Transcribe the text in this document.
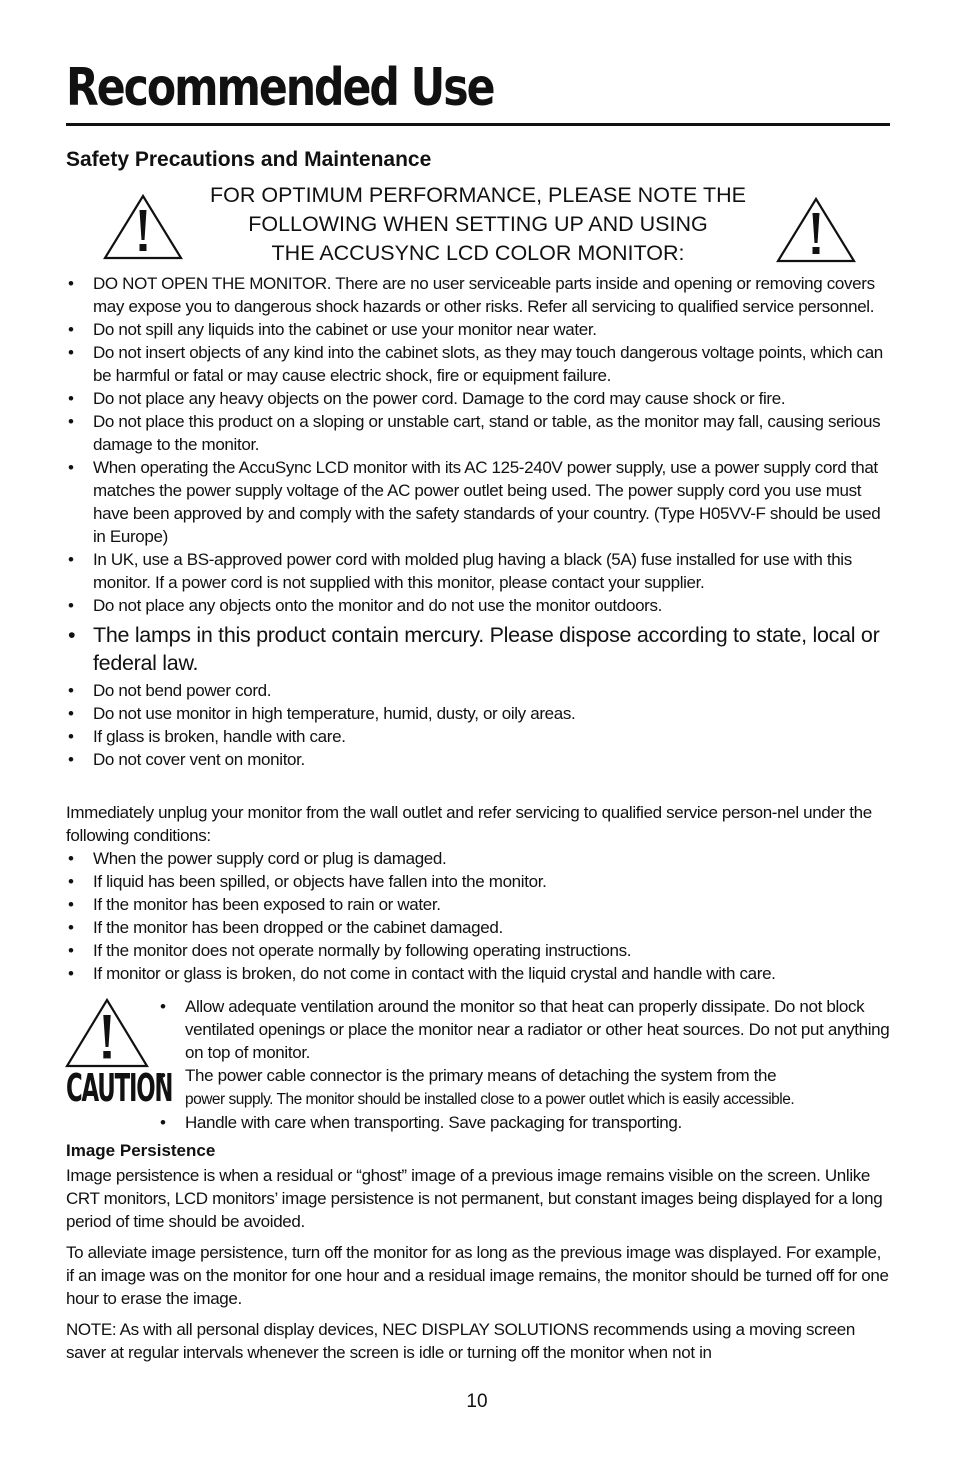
Recommended Use
Safety Precautions and Maintenance
FOR OPTIMUM PERFORMANCE, PLEASE NOTE THE
FOLLOWING WHEN SETTING UP AND USING
THE ACCUSYNC LCD COLOR MONITOR:
• DO NOT OPEN THE MONITOR. There are no user serviceable parts inside and opening or removing covers may expose you to dangerous shock hazards or other risks. Refer all servicing to qualified service personnel.
• Do not spill any liquids into the cabinet or use your monitor near water.
• Do not insert objects of any kind into the cabinet slots, as they may touch dangerous voltage points, which can be harmful or fatal or may cause electric shock, fire or equipment failure.
• Do not place any heavy objects on the power cord. Damage to the cord may cause shock or fire.
• Do not place this product on a sloping or unstable cart, stand or table, as the monitor may fall, causing serious damage to the monitor.
• When operating the AccuSync LCD monitor with its AC 125-240V power supply, use a power supply cord that matches the power supply voltage of the AC power outlet being used. The power supply cord you use must have been approved by and comply with the safety standards of your country. (Type H05VV-F should be used in Europe)
• In UK, use a BS-approved power cord with molded plug having a black (5A) fuse installed for use with this monitor. If a power cord is not supplied with this monitor, please contact your supplier.
• Do not place any objects onto the monitor and do not use the monitor outdoors.
• The lamps in this product contain mercury. Please dispose according to state, local or federal law.
• Do not bend power cord.
• Do not use monitor in high temperature, humid, dusty, or oily areas.
• If glass is broken, handle with care.
• Do not cover vent on monitor.

Immediately unplug your monitor from the wall outlet and refer servicing to qualified service person-nel under the following conditions:

• When the power supply cord or plug is damaged.
• If liquid has been spilled, or objects have fallen into the monitor.
• If the monitor has been exposed to rain or water.
• If the monitor has been dropped or the cabinet damaged.
• If the monitor does not operate normally by following operating instructions.
• If monitor or glass is broken, do not come in contact with the liquid crystal and handle with care.
CAUTION
• Allow adequate ventilation around the monitor so that heat can properly dissipate. Do not block ventilated openings or place the monitor near a radiator or other heat sources. Do not put anything on top of monitor.
• The power cable connector is the primary means of detaching the system from the
power supply. The monitor should be installed close to a power outlet which is easily accessible.
• Handle with care when transporting. Save packaging for transporting.
Image Persistence

Image persistence is when a residual or “ghost” image of a previous image remains visible on the screen. Unlike CRT monitors, LCD monitors’ image persistence is not permanent, but constant images being displayed for a long period of time should be avoided.

To alleviate image persistence, turn off the monitor for as long as the previous image was displayed. For example, if an image was on the monitor for one hour and a residual image remains, the monitor should be turned off for one hour to erase the image.

NOTE: As with all personal display devices, NEC DISPLAY SOLUTIONS recommends using a moving screen saver at regular intervals whenever the screen is idle or turning off the monitor when not in

10
